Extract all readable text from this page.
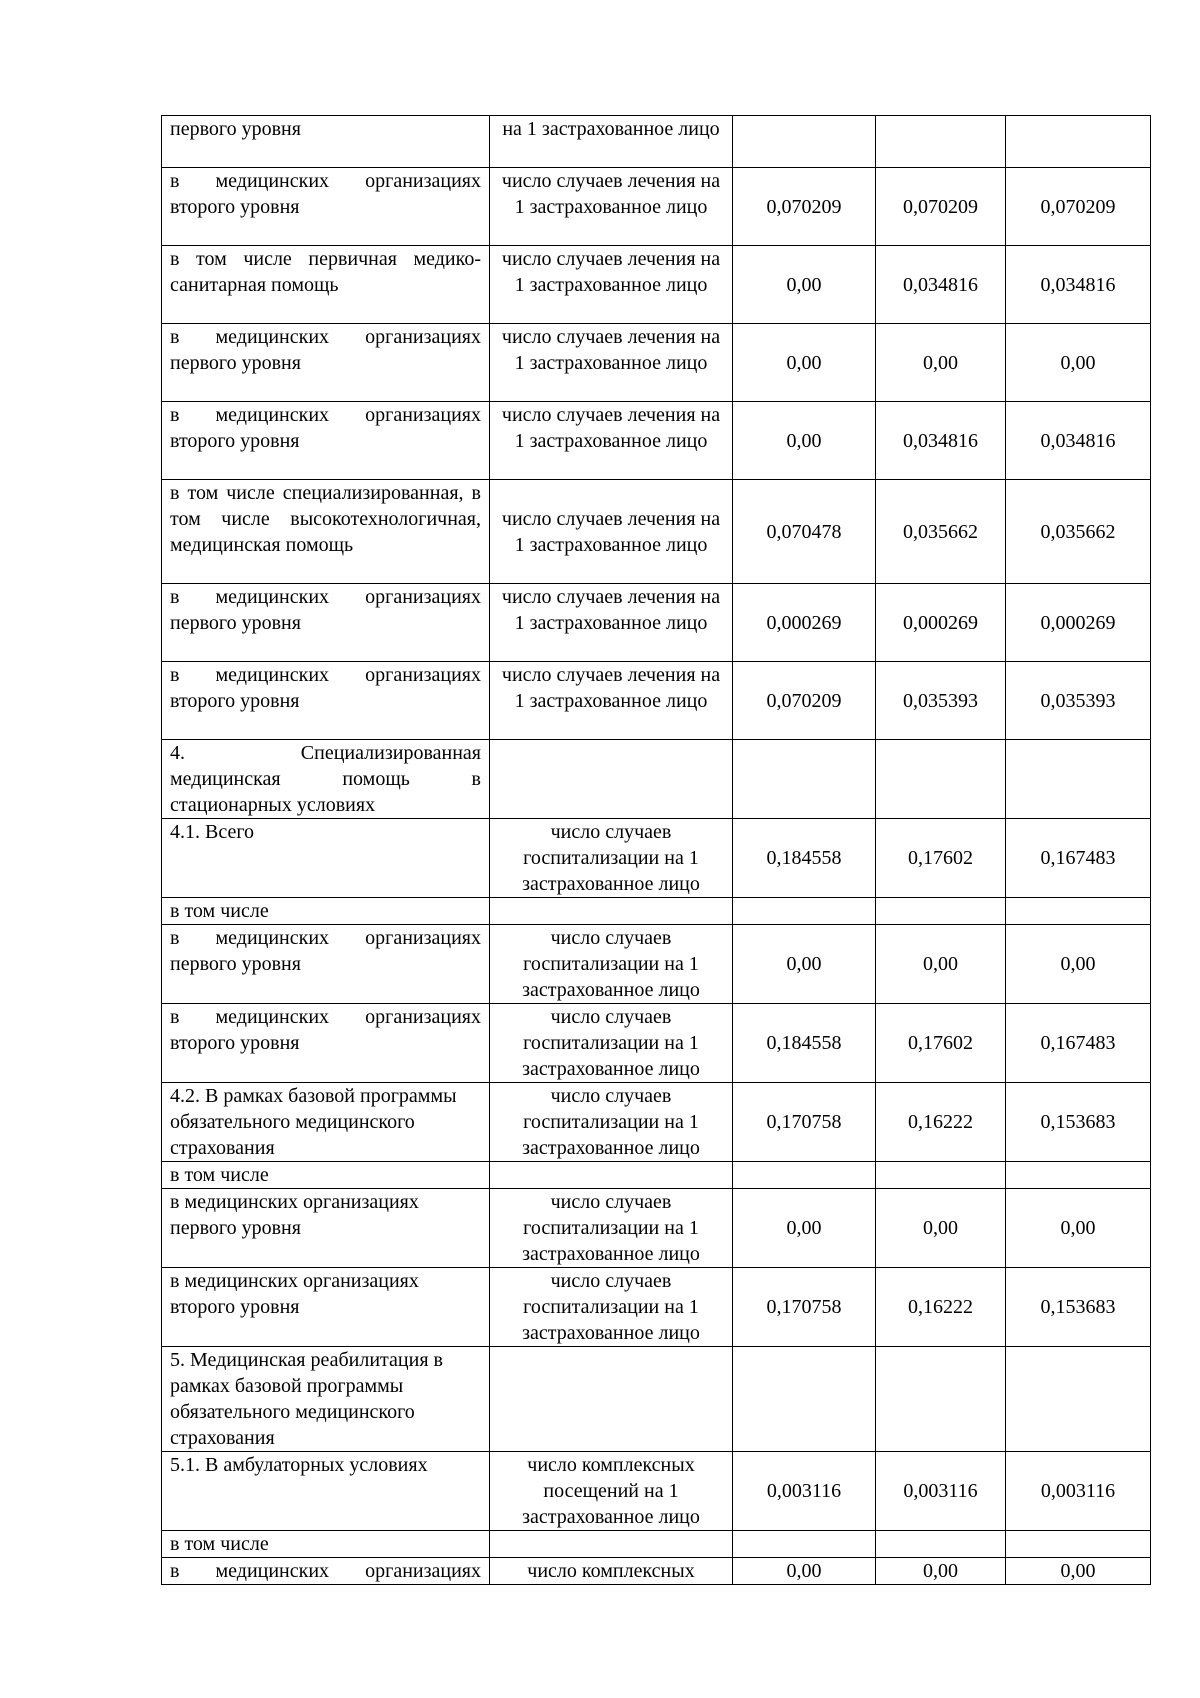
первого уровня	на 1 застрахованное лицо			
в медицинских организациях второго уровня	число случаев лечения на 1 застрахованное лицо	0,070209	0,070209	0,070209
в том числе первичная медико-санитарная помощь	число случаев лечения на 1 застрахованное лицо	0,00	0,034816	0,034816
в медицинских организациях первого уровня	число случаев лечения на 1 застрахованное лицо	0,00	0,00	0,00
в медицинских организациях второго уровня	число случаев лечения на 1 застрахованное лицо	0,00	0,034816	0,034816
в том числе специализированная, в том числе высокотехнологичная, медицинская помощь	число случаев лечения на 1 застрахованное лицо	0,070478	0,035662	0,035662
в медицинских организациях первого уровня	число случаев лечения на 1 застрахованное лицо	0,000269	0,000269	0,000269
в медицинских организациях второго уровня	число случаев лечения на 1 застрахованное лицо	0,070209	0,035393	0,035393
4. Специализированная медицинская помощь в стационарных условиях				
4.1. Всего	число случаев госпитализации на 1 застрахованное лицо	0,184558	0,17602	0,167483
в том числе				
в медицинских организациях первого уровня	число случаев госпитализации на 1 застрахованное лицо	0,00	0,00	0,00
в медицинских организациях второго уровня	число случаев госпитализации на 1 застрахованное лицо	0,184558	0,17602	0,167483
4.2. В рамках базовой программы обязательного медицинского страхования	число случаев госпитализации на 1 застрахованное лицо	0,170758	0,16222	0,153683
в том числе				
в медицинских организациях первого уровня	число случаев госпитализации на 1 застрахованное лицо	0,00	0,00	0,00
в медицинских организациях второго уровня	число случаев госпитализации на 1 застрахованное лицо	0,170758	0,16222	0,153683
5. Медицинская реабилитация в рамках базовой программы обязательного медицинского страхования				
5.1. В амбулаторных условиях	число комплексных посещений на 1 застрахованное лицо	0,003116	0,003116	0,003116
в том числе				
в медицинских организациях	число комплексных	0,00	0,00	0,00
